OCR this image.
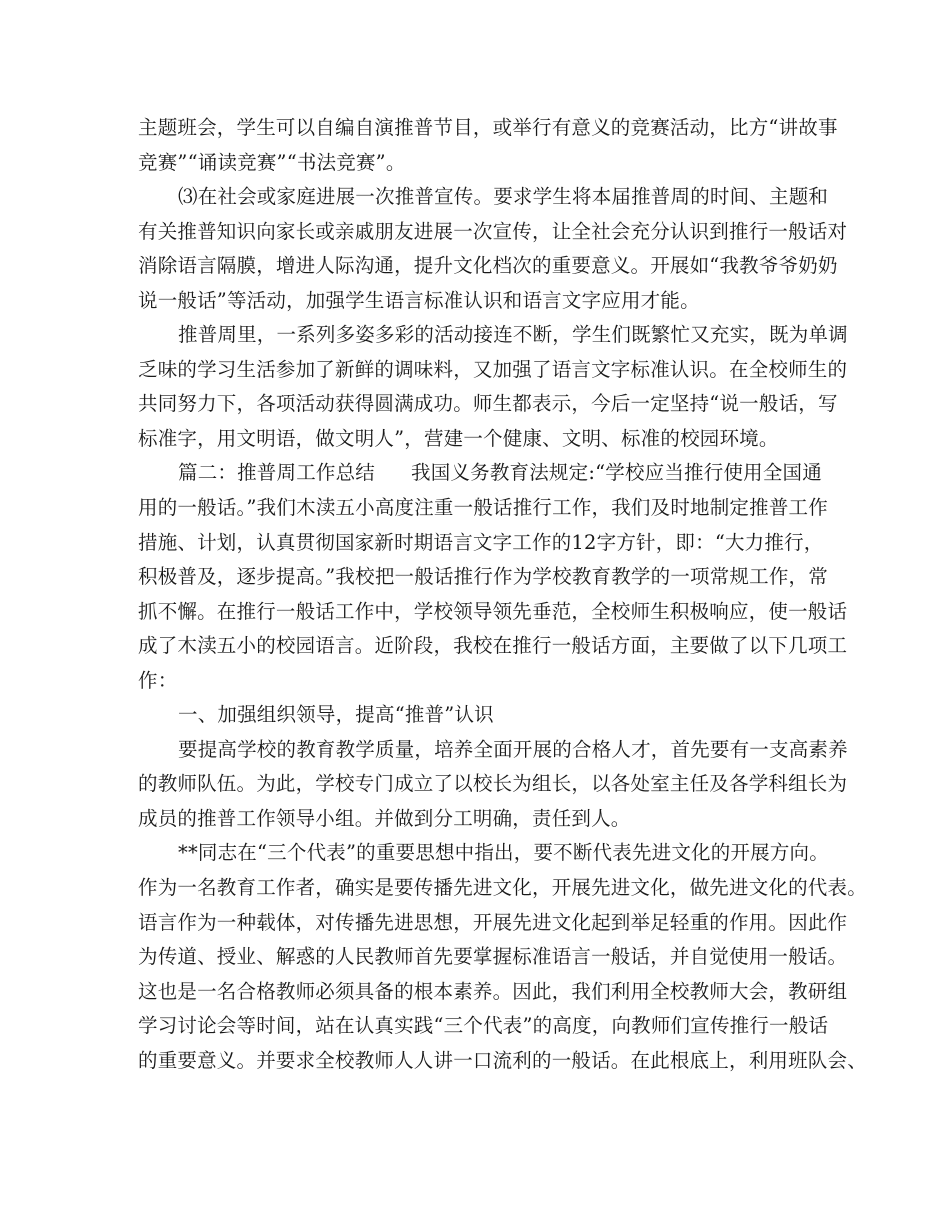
主题班会，学生可以自编自演推普节目，或举行有意义的竞赛活动，比方“讲故事
竞赛”“诵读竞赛”“书法竞赛”。
⑶在社会或家庭进展一次推普宣传。要求学生将本届推普周的时间、主题和
有关推普知识向家长或亲戚朋友进展一次宣传，让全社会充分认识到推行一般话对
消除语言隔膜，增进人际沟通，提升文化档次的重要意义。开展如“我教爷爷奶奶
说一般话”等活动，加强学生语言标准认识和语言文字应用才能。
推普周里，一系列多姿多彩的活动接连不断，学生们既繁忙又充实，既为单调
乏味的学习生活参加了新鲜的调味料，又加强了语言文字标准认识。在全校师生的
共同努力下，各项活动获得圆满成功。师生都表示，今后一定坚持“说一般话，写
标准字，用文明语，做文明人”，营建一个健康、文明、标准的校园环境。
篇二：推普周工作总结 我国义务教育法规定:“学校应当推行使用全国通
用的一般话。”我们木渎五小高度注重一般话推行工作，我们及时地制定推普工作
措施、计划，认真贯彻国家新时期语言文字工作的12字方针，即：“大力推行，
积极普及，逐步提高。”我校把一般话推行作为学校教育教学的一项常规工作，常
抓不懈。在推行一般话工作中，学校领导领先垂范，全校师生积极响应，使一般话
成了木渎五小的校园语言。近阶段，我校在推行一般话方面，主要做了以下几项工
作：
一、加强组织领导，提高“推普”认识
要提高学校的教育教学质量，培养全面开展的合格人才，首先要有一支高素养
的教师队伍。为此，学校专门成立了以校长为组长，以各处室主任及各学科组长为
成员的推普工作领导小组。并做到分工明确，责任到人。
**同志在“三个代表”的重要思想中指出，要不断代表先进文化的开展方向。
作为一名教育工作者，确实是要传播先进文化，开展先进文化，做先进文化的代表。
语言作为一种载体，对传播先进思想，开展先进文化起到举足轻重的作用。因此作
为传道、授业、解惑的人民教师首先要掌握标准语言一般话，并自觉使用一般话。
这也是一名合格教师必须具备的根本素养。因此，我们利用全校教师大会，教研组
学习讨论会等时间，站在认真实践“三个代表”的高度，向教师们宣传推行一般话
的重要意义。并要求全校教师人人讲一口流利的一般话。在此根底上，利用班队会、
